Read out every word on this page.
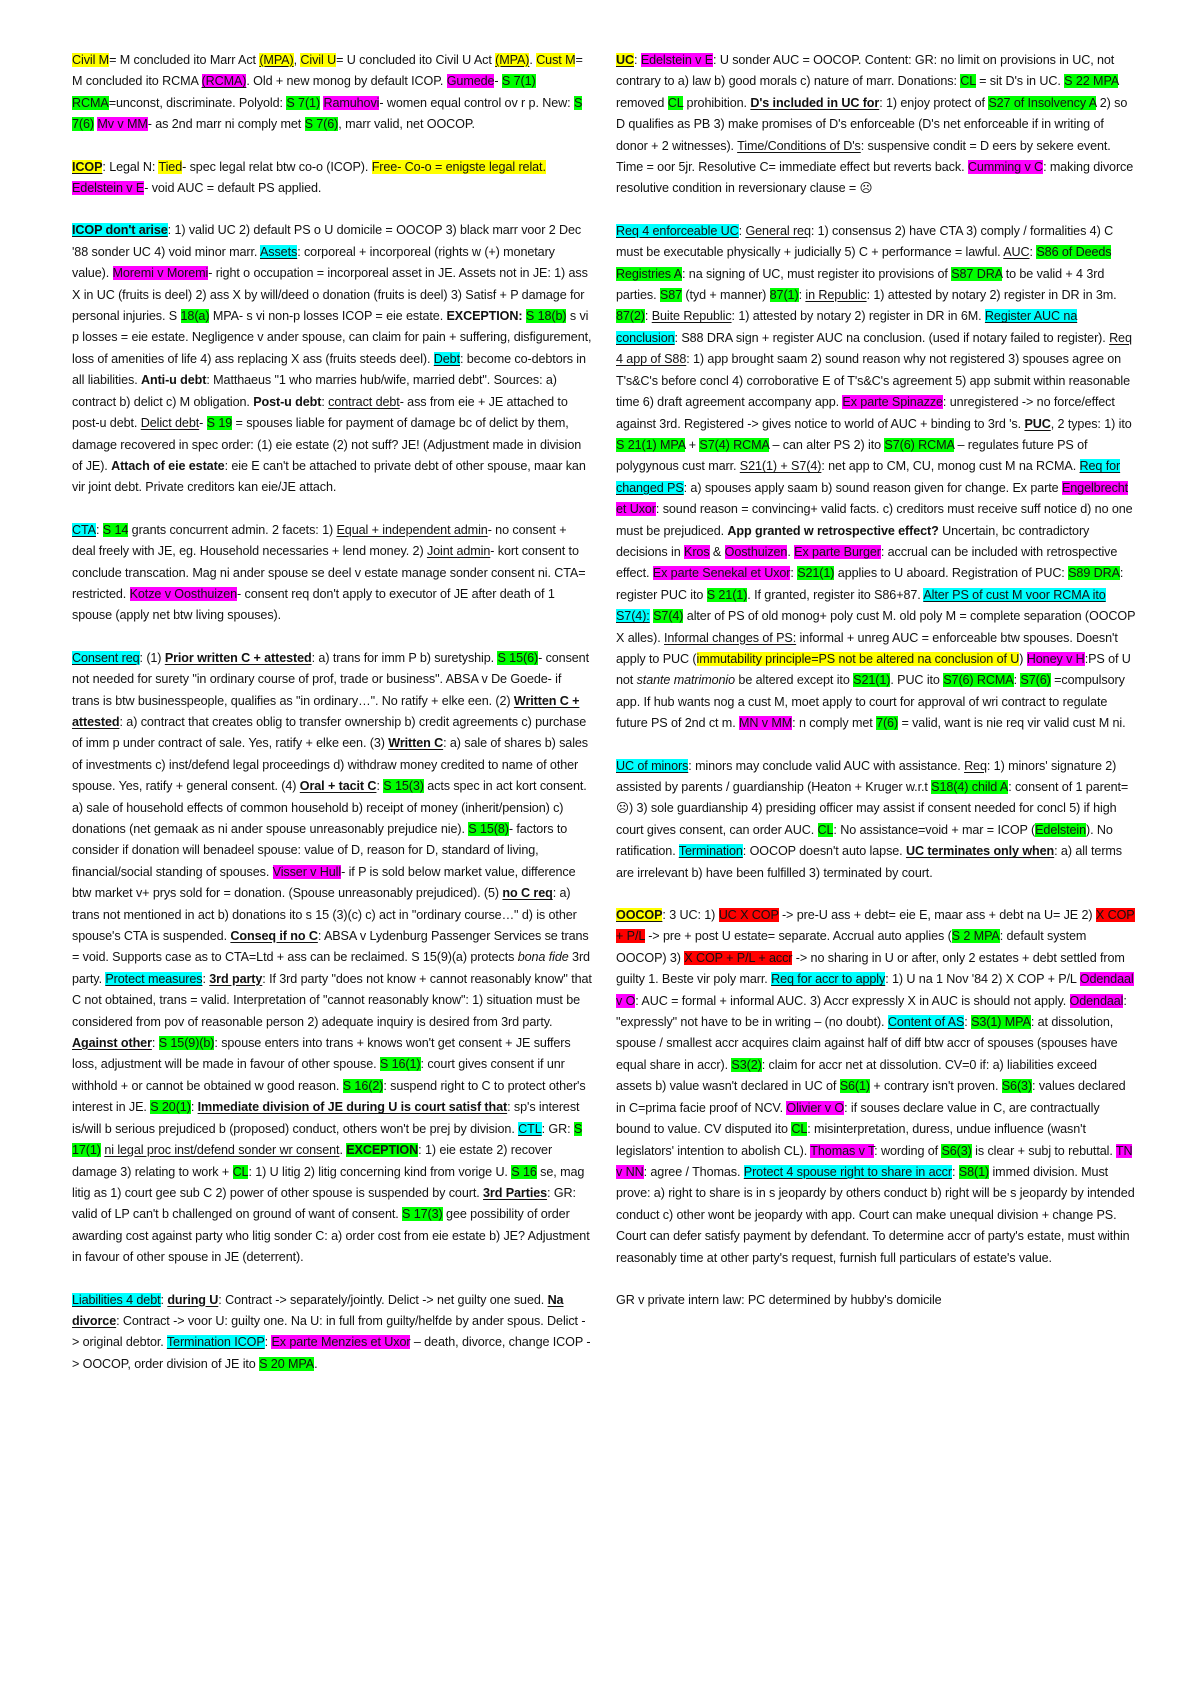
Civil M= M concluded ito Marr Act (MPA), Civil U= U concluded ito Civil U Act (MPA). Cust M= M concluded ito RCMA (RCMA). Old + new monog by default ICOP. Gumede- S 7(1) RCMA=unconst, discriminate. Polyold: S 7(1) Ramuhovi- women equal control ov r p. New: S 7(6) Mv v MM- as 2nd marr ni comply met S 7(6), marr valid, net OOCOP.

ICOP: Legal N: Tied- spec legal relat btw co-o (ICOP). Free- Co-o = enigste legal relat. Edelstein v E- void AUC = default PS applied.

ICOP don't arise: 1) valid UC 2) default PS o U domicile = OOCOP 3) black marr voor 2 Dec '88 sonder UC 4) void minor marr. Assets: corporeal + incorporeal (rights w (+) monetary value). Moremi v Moremi- right o occupation = incorporeal asset in JE. Assets not in JE: 1) ass X in UC (fruits is deel) 2) ass X by will/deed o donation (fruits is deel) 3) Satisf + P damage for personal injuries. S 18(a) MPA- s vi non-p losses ICOP = eie estate. EXCEPTION: S 18(b) s vi p losses = eie estate. Negligence v ander spouse, can claim for pain + suffering, disfigurement, loss of amenities of life 4) ass replacing X ass (fruits steeds deel). Debt: become co-debtors in all liabilities. Anti-u debt: Matthaeus "1 who marries hub/wife, married debt". Sources: a) contract b) delict c) M obligation. Post-u debt: contract debt- ass from eie + JE attached to post-u debt. Delict debt- S 19 = spouses liable for payment of damage bc of delict by them, damage recovered in spec order: (1) eie estate (2) not suff? JE! (Adjustment made in division of JE). Attach of eie estate: eie E can't be attached to private debt of other spouse, maar kan vir joint debt. Private creditors kan eie/JE attach.

CTA: S 14 grants concurrent admin. 2 facets: 1) Equal + independent admin- no consent + deal freely with JE, eg. Household necessaries + lend money. 2) Joint admin- kort consent to conclude transcation. Mag ni ander spouse se deel v estate manage sonder consent ni. CTA= restricted. Kotze v Oosthuizen- consent req don't apply to executor of JE after death of 1 spouse (apply net btw living spouses).

Consent req: (1) Prior written C + attested: a) trans for imm P b) suretyship. S 15(6)- consent not needed for surety "in ordinary course of prof, trade or business". ABSA v De Goede- if trans is btw businesspeople, qualifies as "in ordinary…". No ratify + elke een. (2) Written C + attested: a) contract that creates oblig to transfer ownership b) credit agreements c) purchase of imm p under contract of sale. Yes, ratify + elke een. (3) Written C: a) sale of shares b) sales of investments c) inst/defend legal proceedings d) withdraw money credited to name of other spouse. Yes, ratify + general consent. (4) Oral + tacit C: S 15(3) acts spec in act kort consent. a) sale of household effects of common household b) receipt of money (inherit/pension) c) donations (net gemaak as ni ander spouse unreasonably prejudice nie). S 15(8)- factors to consider if donation will benadeel spouse: value of D, reason for D, standard of living, financial/social standing of spouses. Visser v Hull- if P is sold below market value, difference btw market v+ prys sold for = donation. (Spouse unreasonably prejudiced). (5) no C req: a) trans not mentioned in act b) donations ito s 15 (3)(c) c) act in "ordinary course…" d) is other spouse's CTA is suspended. Conseq if no C: ABSA v Lydenburg Passenger Services se trans = void. Supports case as to CTA=Ltd + ass can be reclaimed. S 15(9)(a) protects bona fide 3rd party. Protect measures: 3rd party: If 3rd party "does not know + cannot reasonably know" that C not obtained, trans = valid. Interpretation of "cannot reasonably know": 1) situation must be considered from pov of reasonable person 2) adequate inquiry is desired from 3rd party. Against other: S 15(9)(b): spouse enters into trans + knows won't get consent + JE suffers loss, adjustment will be made in favour of other spouse. S 16(1): court gives consent if unr withhold + or cannot be obtained w good reason. S 16(2): suspend right to C to protect other's interest in JE. S 20(1): Immediate division of JE during U is court satisf that: sp's interest is/will b serious prejudiced b (proposed) conduct, others won't be prej by division. CTL: GR: S 17(1) ni legal proc inst/defend sonder wr consent. EXCEPTION: 1) eie estate 2) recover damage 3) relating to work + CL: 1) U litig 2) litig concerning kind from vorige U. S 16 se, mag litig as 1) court gee sub C 2) power of other spouse is suspended by court. 3rd Parties: GR: valid of LP can't b challenged on ground of want of consent. S 17(3) gee possibility of order awarding cost against party who litig sonder C: a) order cost from eie estate b) JE? Adjustment in favour of other spouse in JE (deterrent).

Liabilities 4 debt: during U: Contract -> separately/jointly. Delict -> net guilty one sued. Na divorce: Contract -> voor U: guilty one. Na U: in full from guilty/helfde by ander spous. Delict -> original debtor. Termination ICOP: Ex parte Menzies et Uxor – death, divorce, change ICOP -> OOCOP, order division of JE ito S 20 MPA.

UC: Edelstein v E: U sonder AUC = OOCOP. Content: GR: no limit on provisions in UC, not contrary to a) law b) good morals c) nature of marr. Donations: CL = sit D's in UC. S 22 MPA removed CL prohibition. D's included in UC for: 1) enjoy protect of S27 of Insolvency A 2) so D qualifies as PB 3) make promises of D's enforceable (D's net enforceable if in writing of donor + 2 witnesses). Time/Conditions of D's: suspensive condit = D eers by sekere event. Time = oor 5jr. Resolutive C= immediate effect but reverts back. Cumming v C: making divorce resolutive condition in reversionary clause = ☹

Req 4 enforceable UC: General req: 1) consensus 2) have CTA 3) comply / formalities 4) C must be executable physically + judicially 5) C + performance = lawful. AUC: S86 of Deeds Registries A: na signing of UC, must register ito provisions of S87 DRA to be valid + 4 3rd parties. S87 (tyd + manner) 87(1): in Republic: 1) attested by notary 2) register in DR in 3m. 87(2): Buite Republic: 1) attested by notary 2) register in DR in 6M. Register AUC na conclusion: S88 DRA sign + register AUC na conclusion. (used if notary failed to register). Req 4 app of S88: 1) app brought saam 2) sound reason why not registered 3) spouses agree on T's&C's before concl 4) corroborative E of T's&C's agreement 5) app submit within reasonable time 6) draft agreement accompany app. Ex parte Spinazze: unregistered -> no force/effect against 3rd. Registered -> gives notice to world of AUC + binding to 3rd 's. PUC, 2 types: 1) ito S 21(1) MPA + S7(4) RCMA – can alter PS 2) ito S7(6) RCMA – regulates future PS of polygynous cust marr. S21(1) + S7(4): net app to CM, CU, monog cust M na RCMA. Req for changed PS: a) spouses apply saam b) sound reason given for change. Ex parte Engelbrecht et Uxor: sound reason = convincing+ valid facts. c) creditors must receive suff notice d) no one must be prejudiced. App granted w retrospective effect? Uncertain, bc contradictory decisions in Kros & Oosthuizen. Ex parte Burger: accrual can be included with retrospective effect. Ex parte Senekal et Uxor: S21(1) applies to U aboard. Registration of PUC: S89 DRA: register PUC ito S 21(1). If granted, register ito S86+87. Alter PS of cust M voor RCMA ito S7(4): S7(4) alter of PS of old monog+ poly cust M. old poly M = complete separation (OOCOP X alles). Informal changes of PS: informal + unreg AUC = enforceable btw spouses. Doesn't apply to PUC (immutability principle=PS not be altered na conclusion of U) Honey v H:PS of U not stante matrimonio be altered except ito S21(1). PUC ito S7(6) RCMA: S7(6) =compulsory app. If hub wants nog a cust M, moet apply to court for approval of wri contract to regulate future PS of 2nd ct m. MN v MM: n comply met 7(6) = valid, want is nie req vir valid cust M ni.

UC of minors: minors may conclude valid AUC with assistance. Req: 1) minors' signature 2) assisted by parents / guardianship (Heaton + Kruger w.r.t S18(4) child A: consent of 1 parent= ☹) 3) sole guardianship 4) presiding officer may assist if consent needed for concl 5) if high court gives consent, can order AUC. CL: No assistance=void + mar = ICOP (Edelstein). No ratification. Termination: OOCOP doesn't auto lapse. UC terminates only when: a) all terms are irrelevant b) have been fulfilled 3) terminated by court.

OOCOP: 3 UC: 1) UC X COP -> pre-U ass + debt= eie E, maar ass + debt na U= JE 2) X COP + P/L -> pre + post U estate= separate. Accrual auto applies (S 2 MPA: default system OOCOP) 3) X COP + P/L + accr -> no sharing in U or after, only 2 estates + debt settled from guilty 1. Beste vir poly marr. Req for accr to apply: 1) U na 1 Nov '84 2) X COP + P/L Odendaal v O: AUC = formal + informal AUC. 3) Accr expressly X in AUC is should not apply. Odendaal: "expressly" not have to be in writing – (no doubt). Content of AS: S3(1) MPA: at dissolution, spouse / smallest accr acquires claim against half of diff btw accr of spouses (spouses have equal share in accr). S3(2): claim for accr net at dissolution. CV=0 if: a) liabilities exceed assets b) value wasn't declared in UC of S6(1) + contrary isn't proven. S6(3): values declared in C=prima facie proof of NCV. Olivier v O: if souses declare value in C, are contractually bound to value. CV disputed ito CL: misinterpretation, duress, undue influence (wasn't legislators' intention to abolish CL). Thomas v T: wording of S6(3) is clear + subj to rebuttal. TN v NN: agree / Thomas. Protect 4 spouse right to share in accr: S8(1) immed division. Must prove: a) right to share is in s jeopardy by others conduct b) right will be s jeopardy by intended conduct c) other wont be jeopardy with app. Court can make unequal division + change PS. Court can defer satisfy payment by defendant. To determine accr of party's estate, must within reasonably time at other party's request, furnish full particulars of estate's value.

GR v private intern law: PC determined by hubby's domicile
